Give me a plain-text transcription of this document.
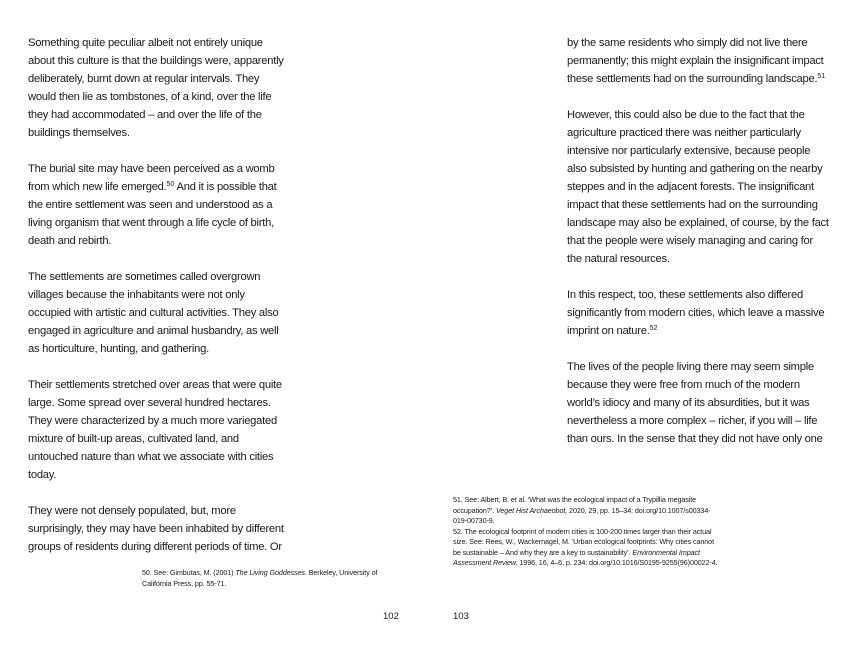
Something quite peculiar albeit not entirely unique about this culture is that the buildings were, apparently deliberately, burnt down at regular intervals. They would then lie as tombstones, of a kind, over the life they had accommodated – and over the life of the buildings themselves.

The burial site may have been perceived as a womb from which new life emerged.$^{50}$ And it is possible that the entire settlement was seen and understood as a living organism that went through a life cycle of birth, death and rebirth.

The settlements are sometimes called overgrown villages because the inhabitants were not only occupied with artistic and cultural activities. They also engaged in agriculture and animal husbandry, as well as horticulture, hunting, and gathering.

Their settlements stretched over areas that were quite large. Some spread over several hundred hectares. They were characterized by a much more variegated mixture of built-up areas, cultivated land, and untouched nature than what we associate with cities today.

They were not densely populated, but, more surprisingly, they may have been inhabited by different groups of residents during different periods of time. Or

50. See: Gimbutas, M. (2001) The Living Goddesses. Berkeley, University of California Press, pp. 55-71.

102

by the same residents who simply did not live there permanently; this might explain the insignificant impact these settlements had on the surrounding landscape.$^{51}$

However, this could also be due to the fact that the agriculture practiced there was neither particularly intensive nor particularly extensive, because people also subsisted by hunting and gathering on the nearby steppes and in the adjacent forests. The insignificant impact that these settlements had on the surrounding landscape may also be explained, of course, by the fact that the people were wisely managing and caring for the natural resources.

In this respect, too, these settlements also differed significantly from modern cities, which leave a massive imprint on nature.$^{52}$

The lives of the people living there may seem simple because they were free from much of the modern world’s idiocy and many of its absurdities, but it was nevertheless a more complex – richer, if you will – life than ours. In the sense that they did not have only one

51. See: Albert, B. et al. ‘What was the ecological impact of a Trypillia megasite occupation?’. Veget Hist Archaeobot, 2020, 29, pp. 15–34: doi.org/10.1007/s00334-019-00730-9.

52. The ecological footprint of modern cities is 100-200 times larger than their actual size. See: Rees, W., Wackernagel, M. ‘Urban ecological footprints: Why cities cannot be sustainable – And why they are a key to sustainability’. Environmental Impact Assessment Review, 1996, 16, 4–6, p. 234: doi.org/10.1016/S0195-9255(96)00022-4.

103
